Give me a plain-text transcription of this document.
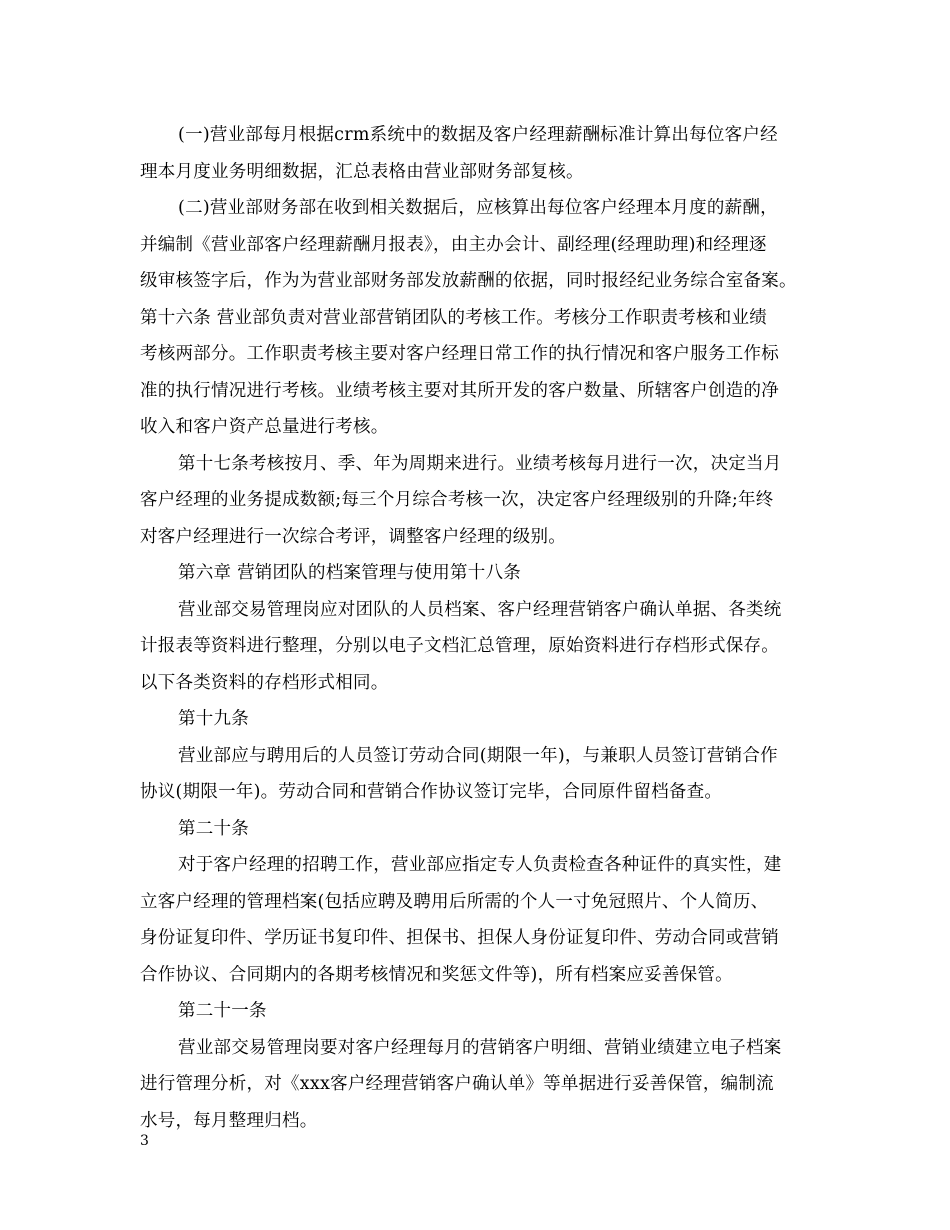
(一)营业部每月根据crm系统中的数据及客户经理薪酬标准计算出每位客户经
理本月度业务明细数据，汇总表格由营业部财务部复核。
(二)营业部财务部在收到相关数据后，应核算出每位客户经理本月度的薪酬，
并编制《营业部客户经理薪酬月报表》，由主办会计、副经理(经理助理)和经理逐
级审核签字后，作为为营业部财务部发放薪酬的依据，同时报经纪业务综合室备案。
第十六条 营业部负责对营业部营销团队的考核工作。考核分工作职责考核和业绩
考核两部分。工作职责考核主要对客户经理日常工作的执行情况和客户服务工作标
准的执行情况进行考核。业绩考核主要对其所开发的客户数量、所辖客户创造的净
收入和客户资产总量进行考核。
第十七条考核按月、季、年为周期来进行。业绩考核每月进行一次，决定当月
客户经理的业务提成数额;每三个月综合考核一次，决定客户经理级别的升降;年终
对客户经理进行一次综合考评，调整客户经理的级别。
第六章 营销团队的档案管理与使用第十八条
营业部交易管理岗应对团队的人员档案、客户经理营销客户确认单据、各类统
计报表等资料进行整理，分别以电子文档汇总管理，原始资料进行存档形式保存。
以下各类资料的存档形式相同。
第十九条
营业部应与聘用后的人员签订劳动合同(期限一年)，与兼职人员签订营销合作
协议(期限一年)。劳动合同和营销合作协议签订完毕，合同原件留档备查。
第二十条
对于客户经理的招聘工作，营业部应指定专人负责检查各种证件的真实性，建
立客户经理的管理档案(包括应聘及聘用后所需的个人一寸免冠照片、个人简历、
身份证复印件、学历证书复印件、担保书、担保人身份证复印件、劳动合同或营销
合作协议、合同期内的各期考核情况和奖惩文件等)，所有档案应妥善保管。
第二十一条
营业部交易管理岗要对客户经理每月的营销客户明细、营销业绩建立电子档案
进行管理分析，对《xxx客户经理营销客户确认单》等单据进行妥善保管，编制流
水号，每月整理归档。
3
